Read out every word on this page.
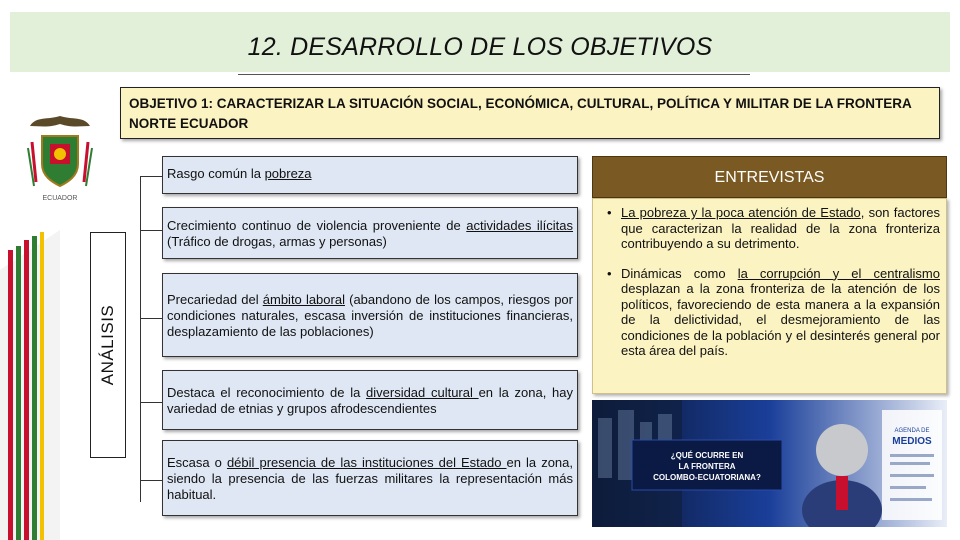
12. DESARROLLO DE LOS OBJETIVOS
OBJETIVO 1: CARACTERIZAR LA SITUACIÓN SOCIAL, ECONÓMICA, CULTURAL, POLÍTICA Y MILITAR DE LA FRONTERA NORTE ECUADOR
ECUADOR
ANÁLISIS
Rasgo común la pobreza
Crecimiento continuo de violencia proveniente de actividades ilícitas (Tráfico de drogas, armas y personas)
Precariedad del ámbito laboral (abandono de los campos, riesgos por condiciones naturales, escasa inversión de instituciones financieras, desplazamiento de las poblaciones)
Destaca el reconocimiento de la diversidad cultural en la zona, hay variedad de etnias y grupos afrodescendientes
Escasa o débil presencia de las instituciones del Estado en la zona, siendo la presencia de las fuerzas militares la representación más habitual.
ENTREVISTAS
• La pobreza y la poca atención de Estado, son factores que caracterizan la realidad de la zona fronteriza contribuyendo a su detrimento.
• Dinámicas como la corrupción y el centralismo desplazan a la zona fronteriza de la atención de los políticos, favoreciendo de esta manera a la expansión de la delictividad, el desmejoramiento de las condiciones de la población y el desinterés general por esta área del país.
¿QUÉ OCURRE EN LA FRONTERA COLOMBO-ECUATORIANA?
AGENDA DE
MEDIOS
